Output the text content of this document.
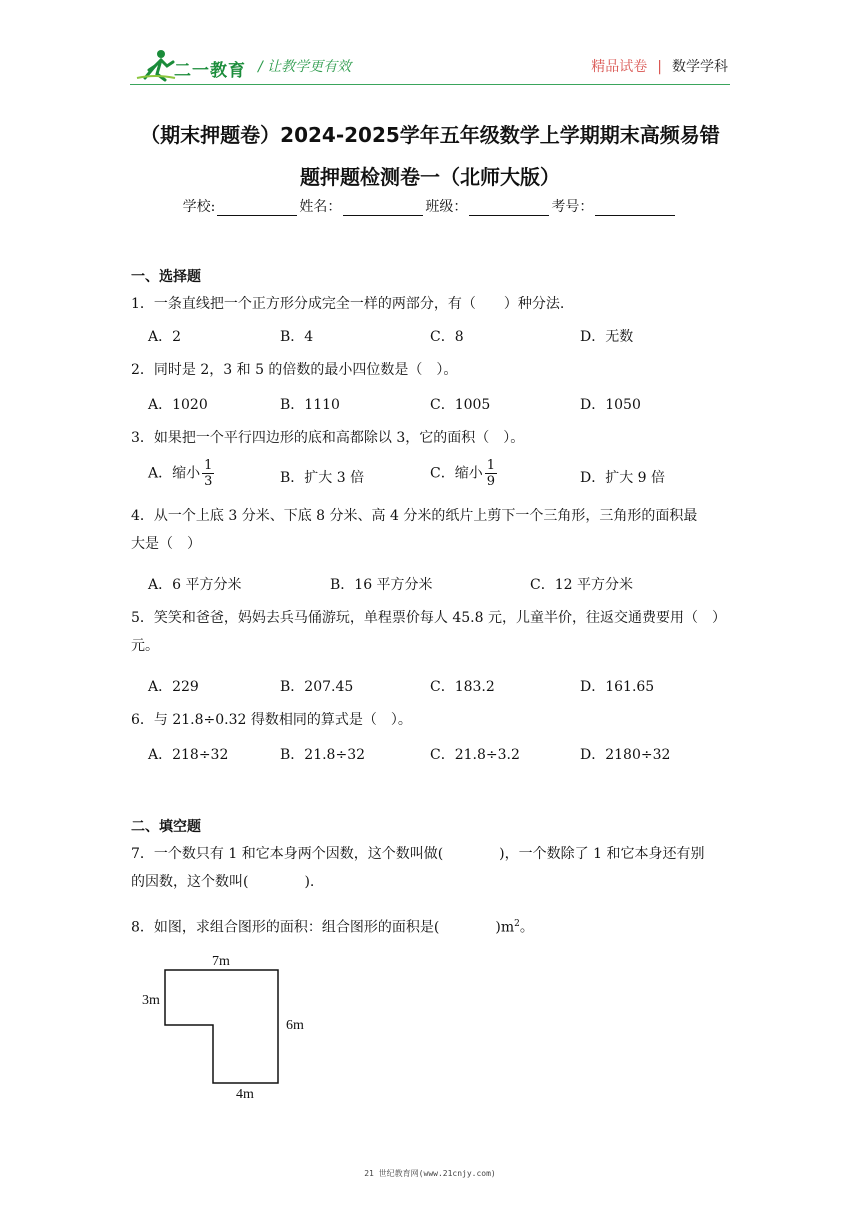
二一教育 / 让教学更有效	精品试卷 | 数学学科
（期末押题卷）2024-2025学年五年级数学上学期期末高频易错
题押题检测卷一（北师大版）
学校:	姓名：	班级：	考号：
一、选择题
1．一条直线把一个正方形分成完全一样的两部分，有（　　）种分法.
A．2	B．4	C．8	D．无数
2．同时是 2，3 和 5 的倍数的最小四位数是（　）。
A．1020	B．1110	C．1005	D．1050
3．如果把一个平行四边形的底和高都除以 3，它的面积（　）。
A．缩小 $\frac{1}{3}$	B．扩大 3 倍	C．缩小 $\frac{1}{9}$	D．扩大 9 倍
4．从一个上底 3 分米、下底 8 分米、高 4 分米的纸片上剪下一个三角形，三角形的面积最
大是（　）
A．6 平方分米	B．16 平方分米	C．12 平方分米
5．笑笑和爸爸，妈妈去兵马俑游玩，单程票价每人 45.8 元，儿童半价，往返交通费要用（　）
元。
A．229	B．207.45	C．183.2	D．161.65
6．与 21.8÷0.32 得数相同的算式是（　）。
A．218÷32	B．21.8÷32	C．21.8÷3.2	D．2180÷32
二、填空题
7．一个数只有 1 和它本身两个因数，这个数叫做(　　　　)，一个数除了 1 和它本身还有别
的因数，这个数叫(　　　　).
8．如图，求组合图形的面积：组合图形的面积是(　　　　)$m^2$。
7m
3m
6m
4m
21 世纪教育网(www.21cnjy.com)
